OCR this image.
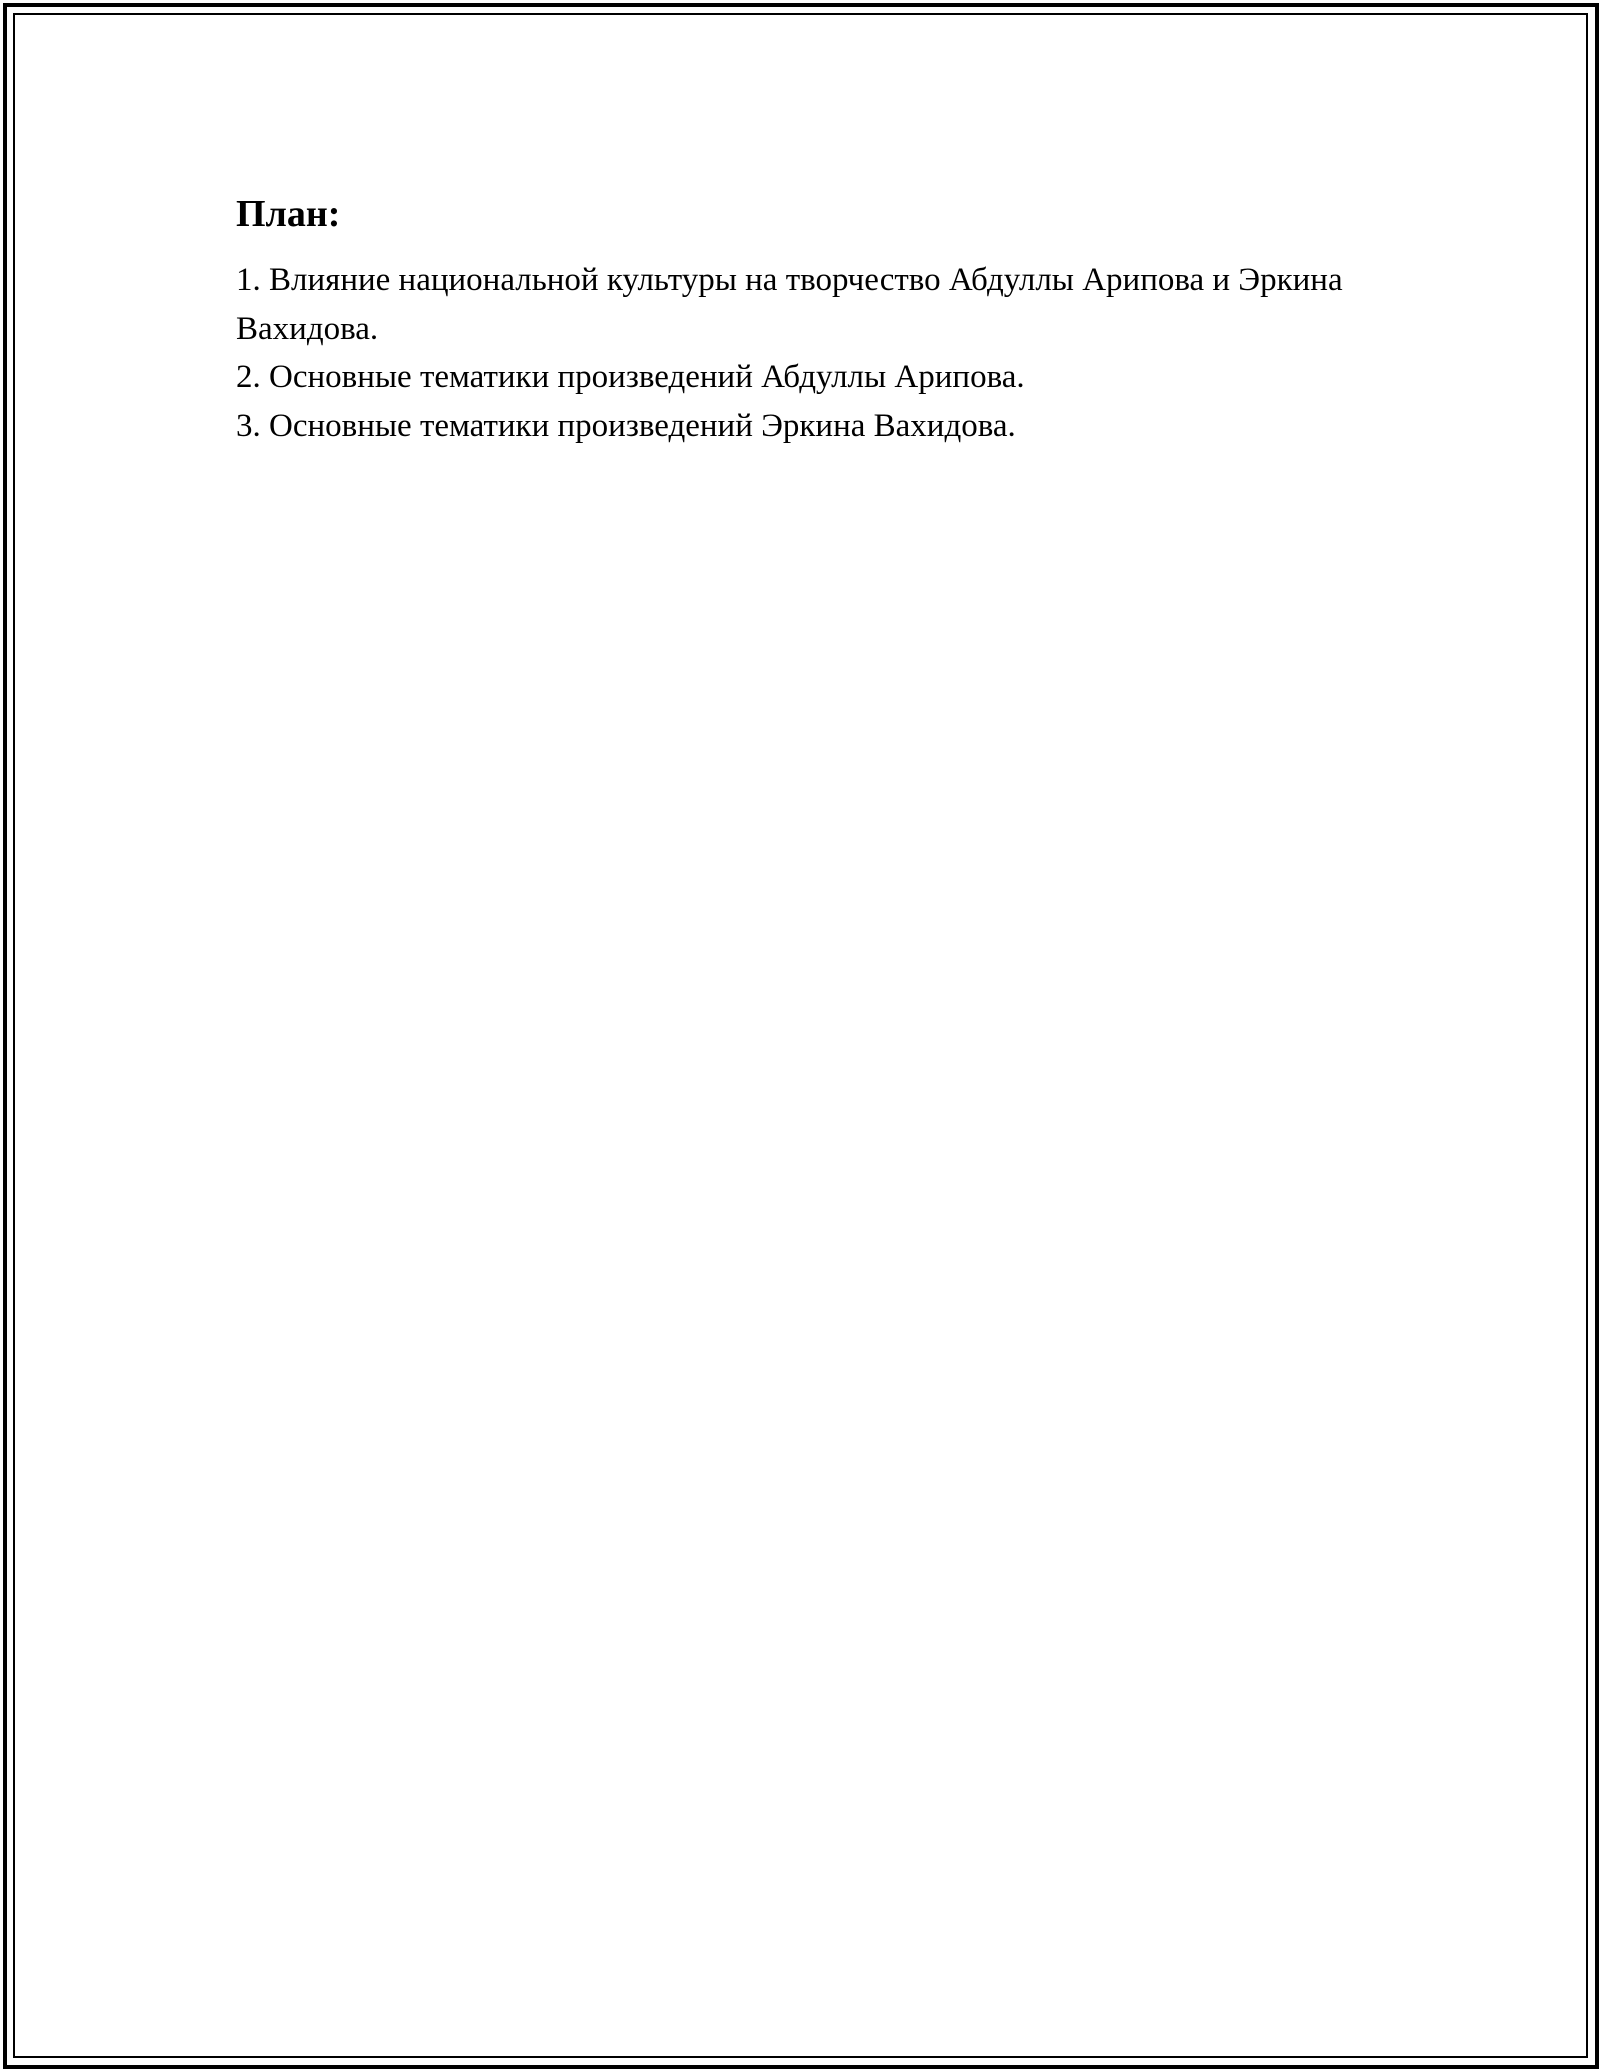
План:
1. Влияние национальной культуры на творчество Абдуллы Арипова и Эркина Вахидова.
2. Основные тематики произведений Абдуллы Арипова.
3. Основные тематики произведений Эркина Вахидова.
